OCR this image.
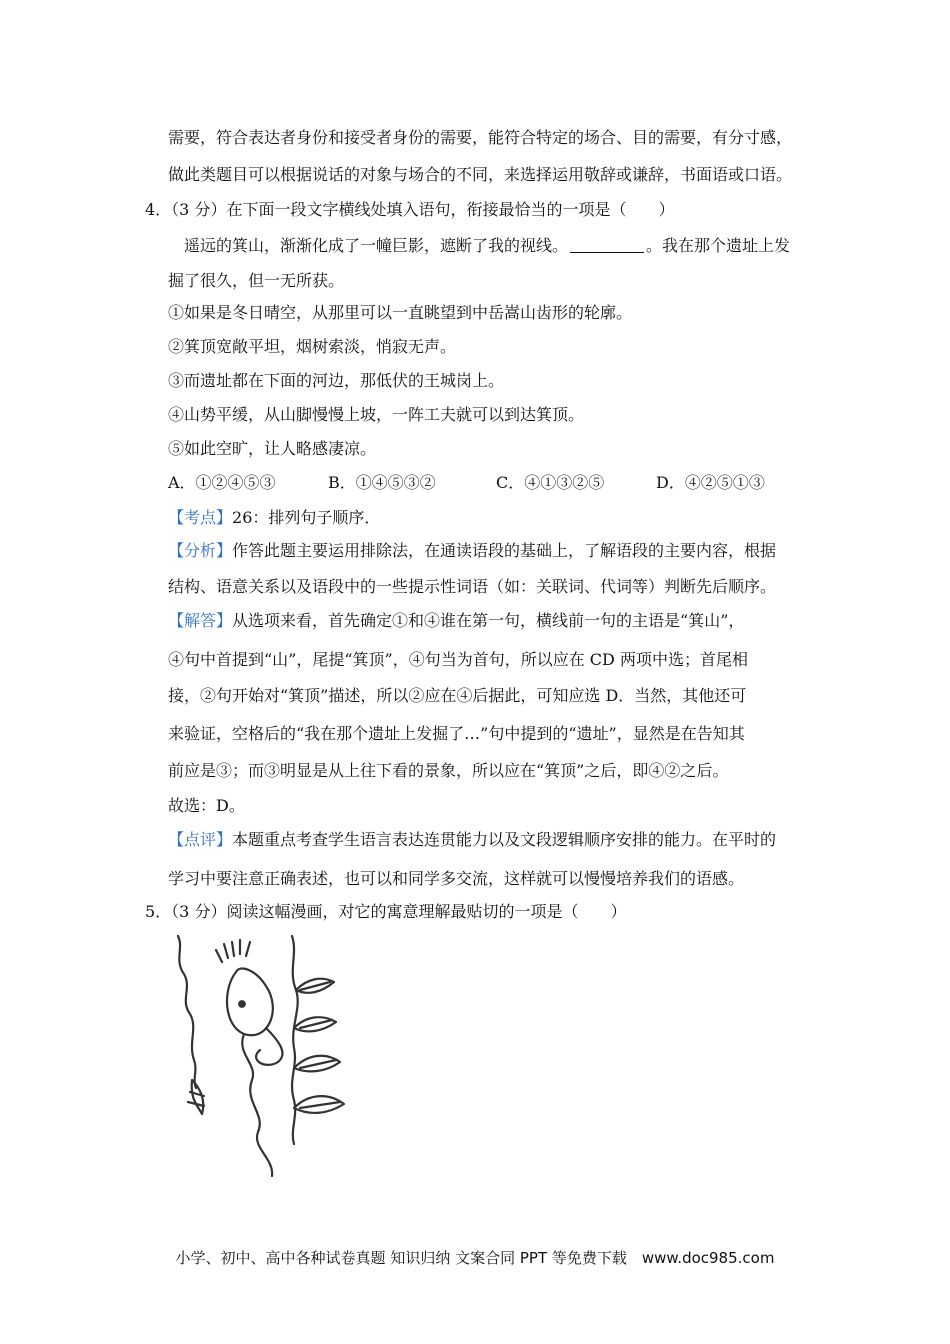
需要，符合表达者身份和接受者身份的需要，能符合特定的场合、目的需要，有分寸感，
做此类题目可以根据说话的对象与场合的不同，来选择运用敬辞或谦辞，书面语或口语。
4．（3 分）在下面一段文字横线处填入语句，衔接最恰当的一项是（　　）
遥远的箕山，渐渐化成了一幢巨影，遮断了我的视线。	。我在那个遗址上发
掘了很久，但一无所获。
①如果是冬日晴空，从那里可以一直眺望到中岳嵩山齿形的轮廓。
②箕顶宽敞平坦，烟树索淡，悄寂无声。
③而遗址都在下面的河边，那低伏的王城岗上。
④山势平缓，从山脚慢慢上坡，一阵工夫就可以到达箕顶。
⑤如此空旷，让人略感凄凉。
A．①②④⑤③	B．①④⑤③②	C．④①③②⑤	D．④②⑤①③
【考点】26：排列句子顺序．
【分析】作答此题主要运用排除法，在通读语段的基础上，了解语段的主要内容，根据
结构、语意关系以及语段中的一些提示性词语（如：关联词、代词等）判断先后顺序。
【解答】从选项来看，首先确定①和④谁在第一句，横线前一句的主语是“箕山”，
④句中首提到“山”，尾提“箕顶”，④句当为首句，所以应在 CD 两项中选；首尾相
接，②句开始对“箕顶”描述，所以②应在④后据此，可知应选 D．当然，其他还可
来验证，空格后的“我在那个遗址上发掘了…”句中提到的“遗址”，显然是在告知其
前应是③；而③明显是从上往下看的景象，所以应在“箕顶”之后，即④②之后。
故选：D。
【点评】本题重点考查学生语言表达连贯能力以及文段逻辑顺序安排的能力。在平时的
学习中要注意正确表述，也可以和同学多交流，这样就可以慢慢培养我们的语感。
5．（3 分）阅读这幅漫画，对它的寓意理解最贴切的一项是（　　）
小学、初中、高中各种试卷真题 知识归纳 文案合同 PPT 等免费下载　www.doc985.com
